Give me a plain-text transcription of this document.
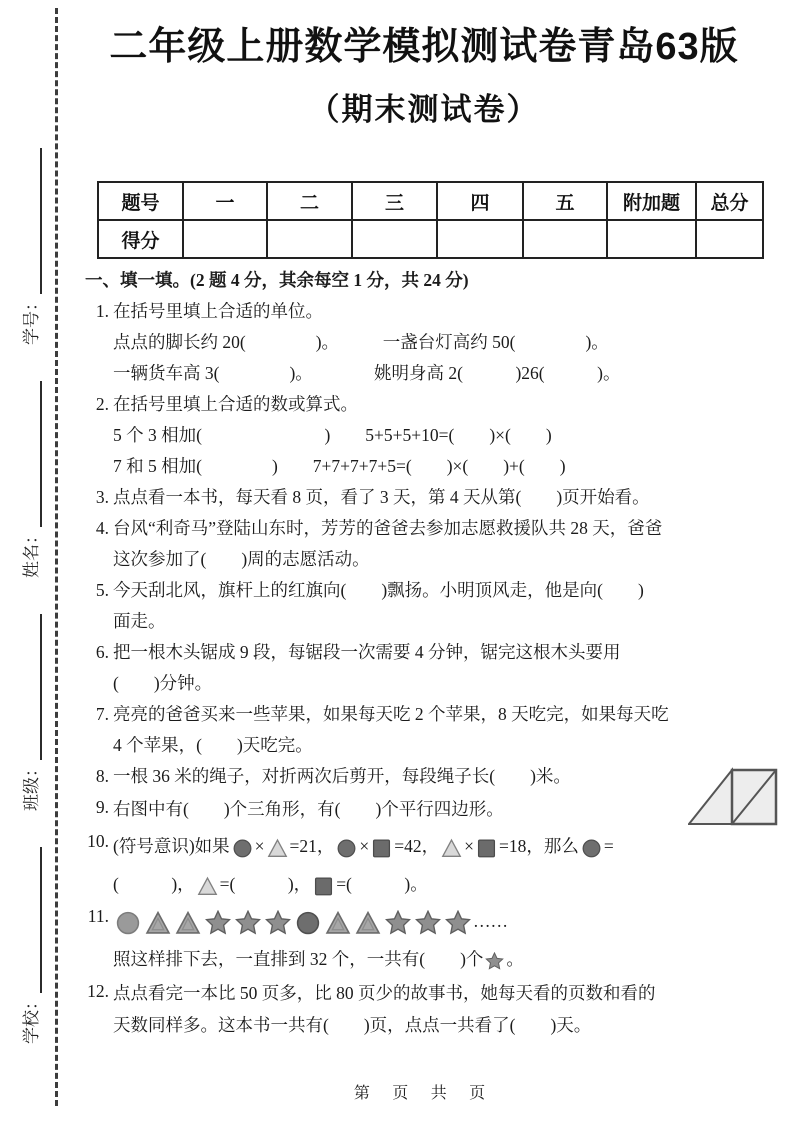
学校：
班级：
姓名：
学号：
二年级上册数学模拟测试卷青岛63版
（期末测试卷）
题号	一	二	三	四	五	附加题	总分
得分							
一、填一填。(2 题 4 分，其余每空 1 分，共 24 分)
1. 在括号里填上合适的单位。
点点的脚长约 20(　　　　)。　　　一盏台灯高约 50(　　　　)。
一辆货车高 3(　　　　)。　　　　姚明身高 2(　　　)26(　　　)。
2. 在括号里填上合适的数或算式。
5 个 3 相加(　　　　　　　)　　5+5+5+10=(　　)×(　　)
7 和 5 相加(　　　　)　　7+7+7+7+5=(　　)×(　　)+(　　)
3. 点点看一本书，每天看 8 页，看了 3 天，第 4 天从第(　　)页开始看。
4. 台风“利奇马”登陆山东时，芳芳的爸爸去参加志愿救援队共 28 天，爸爸
这次参加了(　　)周的志愿活动。
5. 今天刮北风，旗杆上的红旗向(　　)飘扬。小明顶风走，他是向(　　)
面走。
6. 把一根木头锯成 9 段，每锯段一次需要 4 分钟，锯完这根木头要用
(　　)分钟。
7. 亮亮的爸爸买来一些苹果，如果每天吃 2 个苹果，8 天吃完，如果每天吃
4 个苹果，(　　)天吃完。
8. 一根 36 米的绳子，对折两次后剪开，每段绳子长(　　)米。
9. 右图中有(　　)个三角形，有(　　)个平行四边形。
10. (符号意识)如果 × =21， × =42， × =18，那么 =
(　　　)， =(　　　)， =(　　　)。
11.	……
照这样排下去，一直排到 32 个，一共有(　　)个 。
12. 点点看完一本比 50 页多，比 80 页少的故事书，她每天看的页数和看的
天数同样多。这本书一共有(　　)页，点点一共看了(　　)天。
第 页 共 页
